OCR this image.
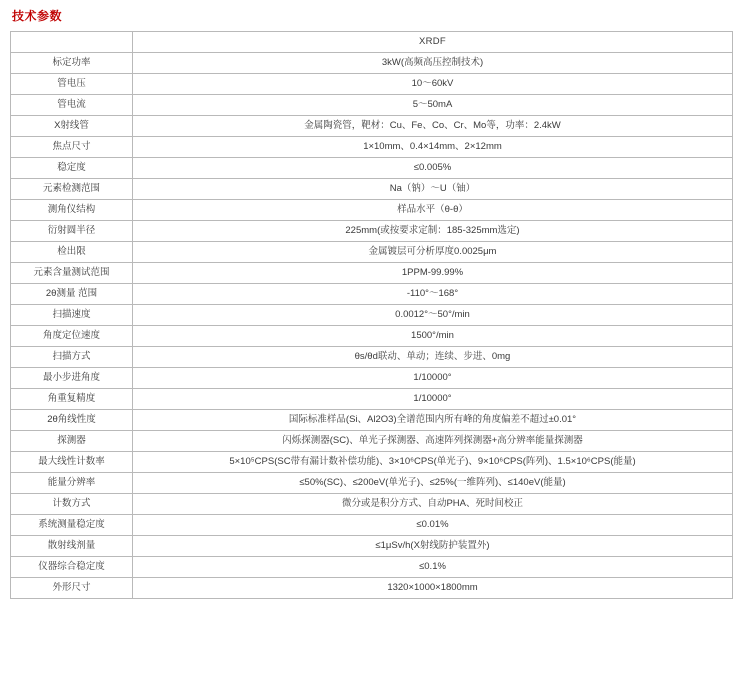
技术参数
	XRDF
标定功率	3kW(高频高压控制技术)
管电压	10～60kV
管电流	5～50mA
X射线管	金属陶瓷管，靶材：Cu、Fe、Co、Cr、Mo等，功率：2.4kW
焦点尺寸	1×10mm、0.4×14mm、2×12mm
稳定度	≤0.005%
元素检测范围	Na（钠）～U（铀）
测角仪结构	样品水平（θ-θ）
衍射圆半径	225mm(或按要求定制：185-325mm选定)
检出限	金属镀层可分析厚度0.0025μm
元素含量测试范围	1PPM-99.99%
2θ测量 范围	-110°～168°
扫描速度	0.0012°～50°/min
角度定位速度	1500°/min
扫描方式	θs/θd联动、单动；连续、步进、0mg
最小步进角度	1/10000°
角重复精度	1/10000°
2θ角线性度	国际标准样品(Si、Al2O3)全谱范围内所有峰的角度偏差不超过±0.01°
探测器	闪烁探测器(SC)、单光子探测器、高速阵列探测器+高分辨率能量探测器
最大线性计数率	5×10⁵CPS(SC带有漏计数补偿功能)、3×10⁶CPS(单光子)、9×10⁶CPS(阵列)、1.5×10⁶CPS(能量)
能量分辨率	≤50%(SC)、≤200eV(单光子)、≤25%(一维阵列)、≤140eV(能量)
计数方式	微分或是积分方式、自动PHA、死时间校正
系统测量稳定度	≤0.01%
散射线剂量	≤1μSv/h(X射线防护装置外)
仪器综合稳定度	≤0.1%
外形尺寸	1320×1000×1800mm
